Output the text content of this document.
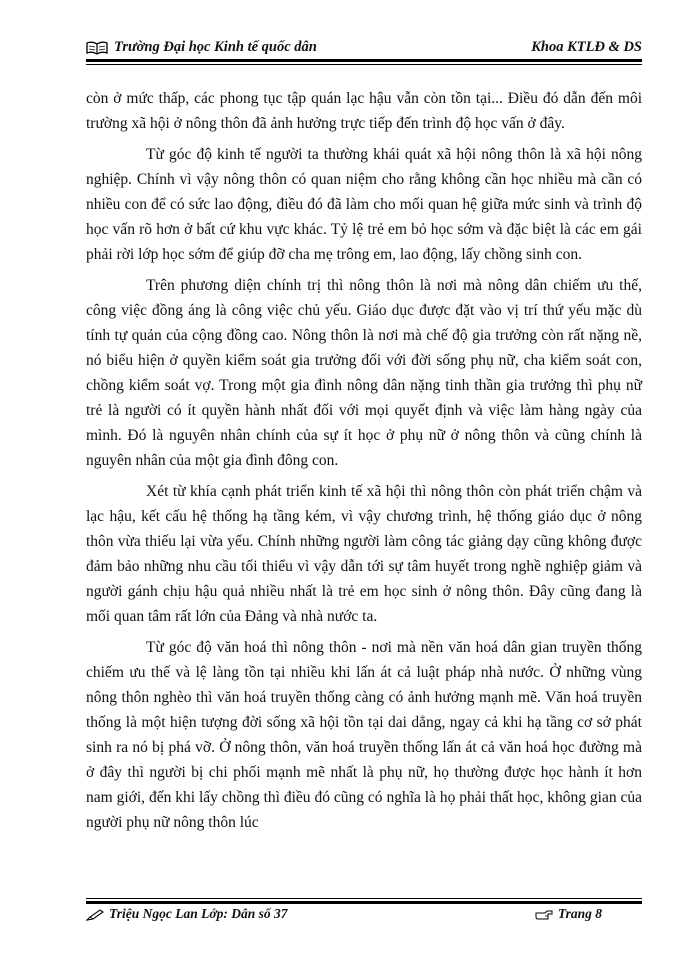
Trường Đại học Kinh tế quốc dân	Khoa KTLĐ & DS

còn ở mức thấp, các phong tục tập quán lạc hậu vẫn còn tồn tại... Điều đó dẫn đến môi trường xã hội ở nông thôn đã ảnh hưởng trực tiếp đến trình độ học vấn ở đây.

Từ góc độ kinh tế người ta thường khái quát xã hội nông thôn là xã hội nông nghiệp. Chính vì vậy nông thôn có quan niệm cho rằng không cần học nhiều mà cần có nhiều con để có sức lao động, điều đó đã làm cho mối quan hệ giữa mức sinh và trình độ học vấn rõ hơn ở bất cứ khu vực khác. Tỷ lệ trẻ em bỏ học sớm và đặc biệt là các em gái phải rời lớp học sớm để giúp đỡ cha mẹ trông em, lao động, lấy chồng sinh con.

Trên phương diện chính trị thì nông thôn là nơi mà nông dân chiếm ưu thế, công việc đồng áng là công việc chủ yếu. Giáo dục được đặt vào vị trí thứ yếu mặc dù tính tự quản của cộng đồng cao. Nông thôn là nơi mà chế độ gia trưởng còn rất nặng nề, nó biểu hiện ở quyền kiểm soát gia trưởng đối với đời sống phụ nữ, cha kiểm soát con, chồng kiểm soát vợ. Trong một gia đình nông dân nặng tinh thần gia trưởng thì phụ nữ trẻ là người có ít quyền hành nhất đối với mọi quyết định và việc làm hàng ngày của mình. Đó là nguyên nhân chính của sự ít học ở phụ nữ ở nông thôn và cũng chính là nguyên nhân của một gia đình đông con.

Xét từ khía cạnh phát triển kinh tế xã hội thì nông thôn còn phát triển chậm và lạc hậu, kết cấu hệ thống hạ tầng kém, vì vậy chương trình, hệ thống giáo dục ở nông thôn vừa thiếu lại vừa yếu. Chính những người làm công tác giảng dạy cũng không được đảm bảo những nhu cầu tối thiểu vì vậy dẫn tới sự tâm huyết trong nghề nghiệp giảm và người gánh chịu hậu quả nhiều nhất là trẻ em học sinh ở nông thôn. Đây cũng đang là mối quan tâm rất lớn của Đảng và nhà nước ta.

Từ góc độ văn hoá thì nông thôn - nơi mà nền văn hoá dân gian truyền thống chiếm ưu thế và lệ làng tồn tại nhiều khi lấn át cả luật pháp nhà nước. Ở những vùng nông thôn nghèo thì văn hoá truyền thống càng có ảnh hưởng mạnh mẽ. Văn hoá truyền thống là một hiện tượng đời sống xã hội tồn tại dai dẳng, ngay cả khi hạ tầng cơ sở phát sinh ra nó bị phá vỡ. Ở nông thôn, văn hoá truyền thống lấn át cả văn hoá học đường mà ở đây thì người bị chi phối mạnh mẽ nhất là phụ nữ, họ thường được học hành ít hơn nam giới, đến khi lấy chồng thì điều đó cũng có nghĩa là họ phải thất học, không gian của người phụ nữ nông thôn lúc

Triệu Ngọc Lan Lớp: Dân số 37	Trang 8
